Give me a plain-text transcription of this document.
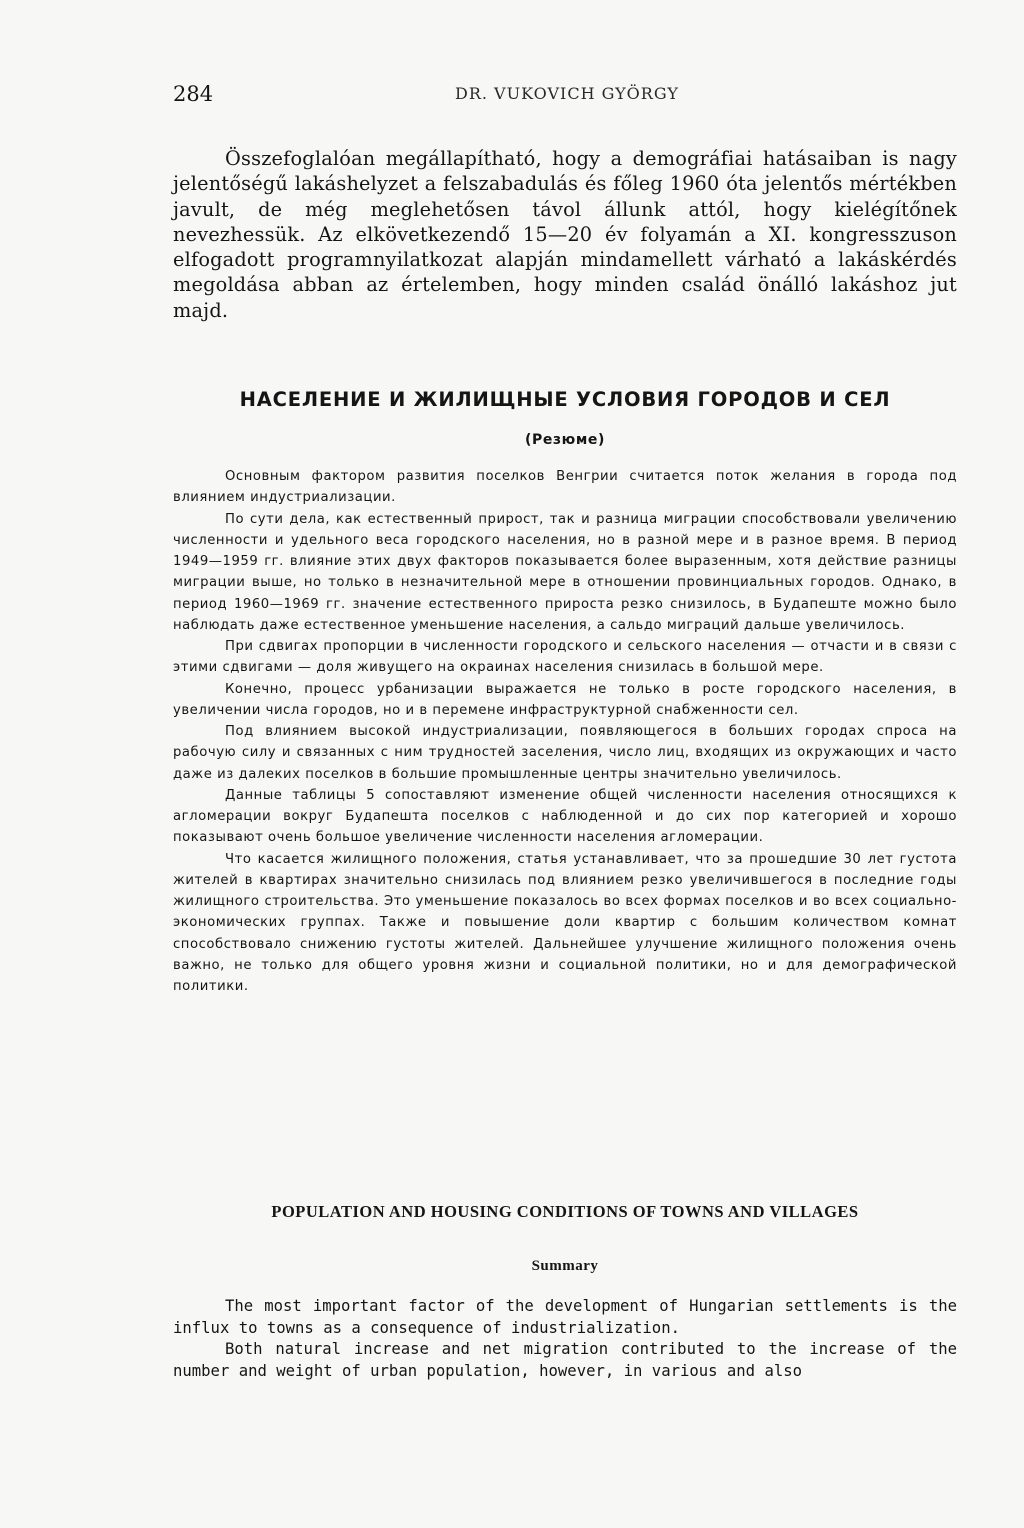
284	DR. VUKOVICH GYÖRGY

Összefoglalóan megállapítható, hogy a demográfiai hatásaiban is nagy jelentőségű lakáshelyzet a felszabadulás és főleg 1960 óta jelentős mértékben javult, de még meglehetősen távol állunk attól, hogy kielégítőnek nevezhessük. Az elkövetkezendő 15—20 év folyamán a XI. kongresszuson elfogadott programnyilatkozat alapján mindamellett várható a lakáskérdés megoldása abban az értelemben, hogy minden család önálló lakáshoz jut majd.

НАСЕЛЕНИЕ И ЖИЛИЩНЫЕ УСЛОВИЯ ГОРОДОВ И СЕЛ
(Резюме)

Основным фактором развития поселков Венгрии считается поток желания в города под влиянием индустриализации.

По сути дела, как естественный прирост, так и разница миграции способствовали увеличению численности и удельного веса городского населения, но в разной мере и в разное время. В период 1949—1959 гг. влияние этих двух факторов показывается более выразенным, хотя действие разницы миграции выше, но только в незначительной мере в отношении провинциальных городов. Однако, в период 1960—1969 гг. значение естественного прироста резко снизилось, в Будапеште можно было наблюдать даже естественное уменьшение населения, а сальдо миграций дальше увеличилось.

При сдвигах пропорции в численности городского и сельского населения — отчасти и в связи с этими сдвигами — доля живущего на окраинах населения снизилась в большой мере.

Конечно, процесс урбанизации выражается не только в росте городского населения, в увеличении числа городов, но и в перемене инфраструктурной снабженности сел.

Под влиянием высокой индустриализации, появляющегося в больших городах спроса на рабочую силу и связанных с ним трудностей заселения, число лиц, входящих из окружающих и часто даже из далеких поселков в большие промышленные центры значительно увеличилось.

Данные таблицы 5 сопоставляют изменение общей численности населения относящихся к агломерации вокруг Будапешта поселков с наблюденной и до сих пор категорией и хорошо показывают очень большое увеличение численности населения агломерации.

Что касается жилищного положения, статья устанавливает, что за прошедшие 30 лет густота жителей в квартирах значительно снизилась под влиянием резко увеличившегося в последние годы жилищного строительства. Это уменьшение показалось во всех формах поселков и во всех социально-экономических группах. Также и повышение доли квартир с большим количеством комнат способствовало снижению густоты жителей. Дальнейшее улучшение жилищного положения очень важно, не только для общего уровня жизни и социальной политики, но и для демографической политики.

POPULATION AND HOUSING CONDITIONS OF TOWNS AND VILLAGES
Summary

The most important factor of the development of Hungarian settlements is the influx to towns as a consequence of industrialization.

Both natural increase and net migration contributed to the increase of the number and weight of urban population, however, in various and also
